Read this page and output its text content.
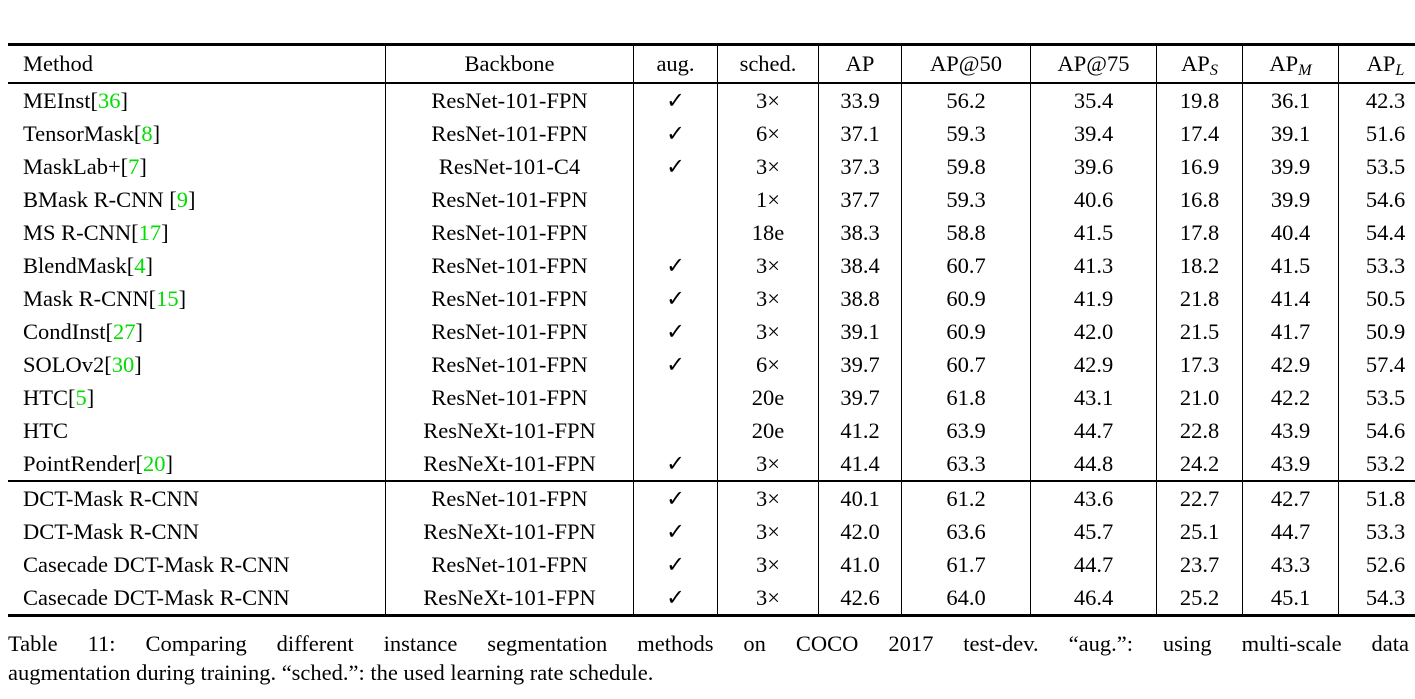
Method	Backbone	aug.	sched.	AP	AP@50	AP@75	$AP_S$	$AP_M$	$AP_L$
MEInst[36]	ResNet-101-FPN	✓	3×	33.9	56.2	35.4	19.8	36.1	42.3
TensorMask[8]	ResNet-101-FPN	✓	6×	37.1	59.3	39.4	17.4	39.1	51.6
MaskLab+[7]	ResNet-101-C4	✓	3×	37.3	59.8	39.6	16.9	39.9	53.5
BMask R-CNN [9]	ResNet-101-FPN		1×	37.7	59.3	40.6	16.8	39.9	54.6
MS R-CNN[17]	ResNet-101-FPN		18e	38.3	58.8	41.5	17.8	40.4	54.4
BlendMask[4]	ResNet-101-FPN	✓	3×	38.4	60.7	41.3	18.2	41.5	53.3
Mask R-CNN[15]	ResNet-101-FPN	✓	3×	38.8	60.9	41.9	21.8	41.4	50.5
CondInst[27]	ResNet-101-FPN	✓	3×	39.1	60.9	42.0	21.5	41.7	50.9
SOLOv2[30]	ResNet-101-FPN	✓	6×	39.7	60.7	42.9	17.3	42.9	57.4
HTC[5]	ResNet-101-FPN		20e	39.7	61.8	43.1	21.0	42.2	53.5
HTC	ResNeXt-101-FPN		20e	41.2	63.9	44.7	22.8	43.9	54.6
PointRender[20]	ResNeXt-101-FPN	✓	3×	41.4	63.3	44.8	24.2	43.9	53.2
DCT-Mask R-CNN	ResNet-101-FPN	✓	3×	40.1	61.2	43.6	22.7	42.7	51.8
DCT-Mask R-CNN	ResNeXt-101-FPN	✓	3×	42.0	63.6	45.7	25.1	44.7	53.3
Casecade DCT-Mask R-CNN	ResNet-101-FPN	✓	3×	41.0	61.7	44.7	23.7	43.3	52.6
Casecade DCT-Mask R-CNN	ResNeXt-101-FPN	✓	3×	42.6	64.0	46.4	25.2	45.1	54.3
Table 11: Comparing different instance segmentation methods on COCO 2017 test-dev. “aug.”: using multi-scale data
augmentation during training. “sched.”: the used learning rate schedule.
